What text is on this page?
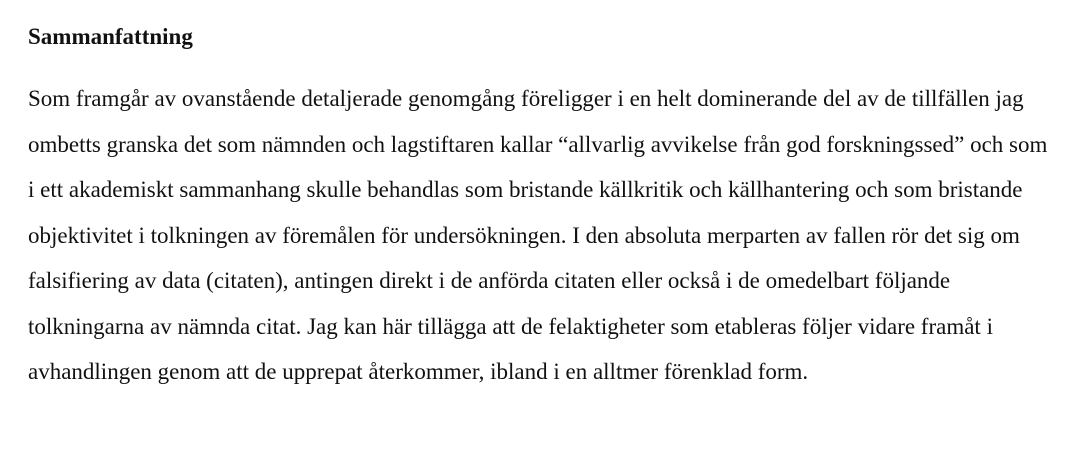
Sammanfattning

Som framgår av ovanstående detaljerade genomgång föreligger i en helt dominerande del av de tillfällen jag ombetts granska det som nämnden och lagstiftaren kallar “allvarlig avvikelse från god forskningssed” och som i ett akademiskt sammanhang skulle behandlas som bristande källkritik och källhantering och som bristande objektivitet i tolkningen av föremålen för undersökningen. I den absoluta merparten av fallen rör det sig om falsifiering av data (citaten), antingen direkt i de anförda citaten eller också i de omedelbart följande tolkningarna av nämnda citat. Jag kan här tillägga att de felaktigheter som etableras följer vidare framåt i avhandlingen genom att de upprepat återkommer, ibland i en alltmer förenklad form.
